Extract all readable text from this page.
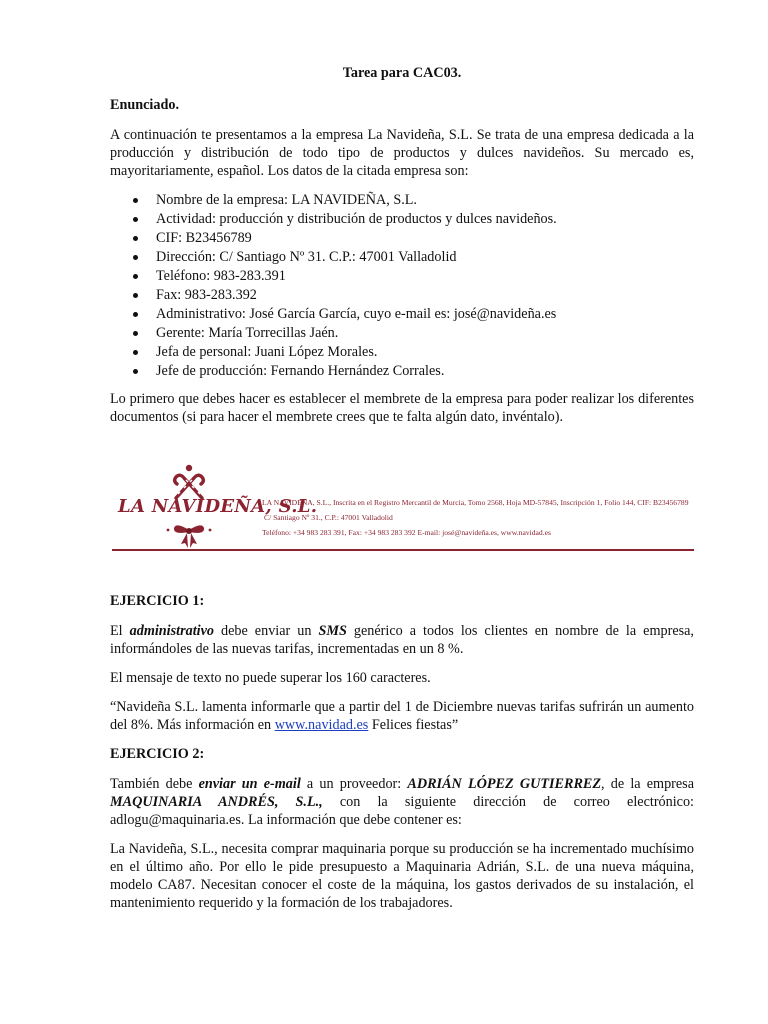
Tarea para CAC03.
Enunciado.

A continuación te presentamos a la empresa La Navideña, S.L. Se trata de una empresa dedicada a la producción y distribución de todo tipo de productos y dulces navideños. Su mercado es, mayoritariamente, español. Los datos de la citada empresa son:

Nombre de la empresa: LA NAVIDEÑA, S.L.
Actividad: producción y distribución de productos y dulces navideños.
CIF: B23456789
Dirección: C/ Santiago Nº 31. C.P.: 47001 Valladolid
Teléfono: 983-283.391
Fax: 983-283.392
Administrativo: José García García, cuyo e-mail es: josé@navideña.es
Gerente: María Torrecillas Jaén.
Jefa de personal: Juani López Morales.
Jefe de producción: Fernando Hernández Corrales.

Lo primero que debes hacer es establecer el membrete de la empresa para poder realizar los diferentes documentos (si para hacer el membrete crees que te falta algún dato, invéntalo).

LA NAVIDEÑA, S.L.
LA NAVIDEÑA, S.L., Inscrita en el Registro Mercantil de Murcia, Tomo 2568, Hoja MD-57845, Inscripción 1, Folio 144, CIF: B23456789
C/ Santiago Nº 31., C.P.: 47001 Valladolid
Teléfono: +34 983 283 391, Fax: +34 983 283 392 E-mail: josé@navideña.es, www.navidad.es
EJERCICIO 1:

El administrativo debe enviar un SMS genérico a todos los clientes en nombre de la empresa, informándoles de las nuevas tarifas, incrementadas en un 8 %.

El mensaje de texto no puede superar los 160 caracteres.

“Navideña S.L. lamenta informarle que a partir del 1 de Diciembre nuevas tarifas sufrirán un aumento del 8%. Más información en www.navidad.es Felices fiestas”

EJERCICIO 2:

También debe enviar un e-mail a un proveedor: ADRIÁN LÓPEZ GUTIERREZ, de la empresa MAQUINARIA ANDRÉS, S.L., con la siguiente dirección de correo electrónico: adlogu@maquinaria.es. La información que debe contener es:

La Navideña, S.L., necesita comprar maquinaria porque su producción se ha incrementado muchísimo en el último año. Por ello le pide presupuesto a Maquinaria Adrián, S.L. de una nueva máquina, modelo CA87. Necesitan conocer el coste de la máquina, los gastos derivados de su instalación, el mantenimiento requerido y la formación de los trabajadores.
